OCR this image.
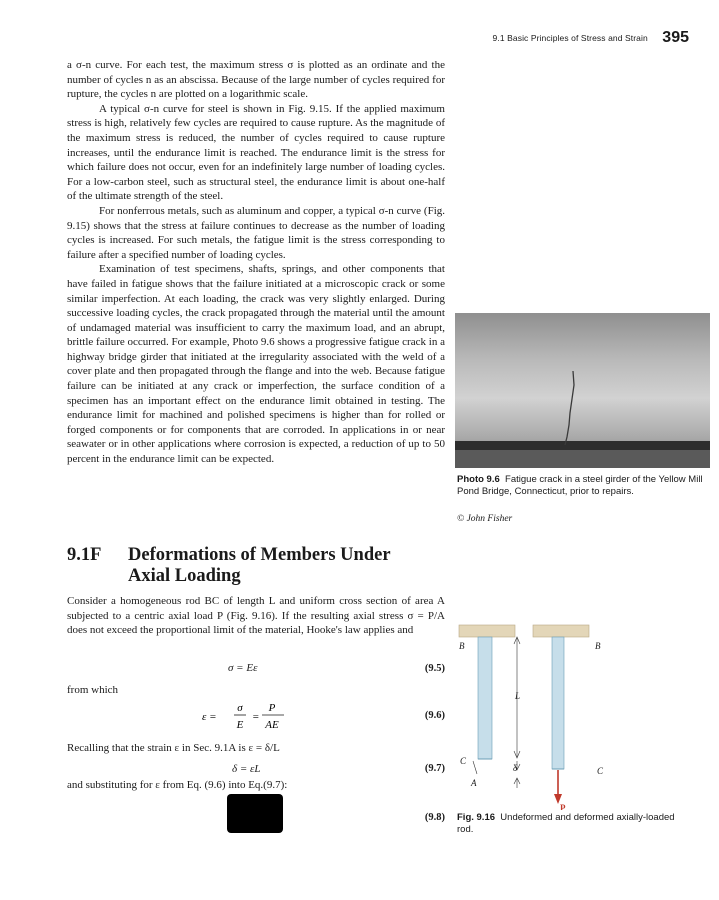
9.1 Basic Principles of Stress and Strain 395

a σ-n curve. For each test, the maximum stress σ is plotted as an ordinate and the number of cycles n as an abscissa. Because of the large number of cycles required for rupture, the cycles n are plotted on a logarithmic scale.

A typical σ-n curve for steel is shown in Fig. 9.15. If the applied maximum stress is high, relatively few cycles are required to cause rupture. As the magnitude of the maximum stress is reduced, the number of cycles required to cause rupture increases, until the endurance limit is reached. The endurance limit is the stress for which failure does not occur, even for an indefinitely large number of loading cycles. For a low-carbon steel, such as structural steel, the endurance limit is about one-half of the ultimate strength of the steel.

For nonferrous metals, such as aluminum and copper, a typical σ-n curve (Fig. 9.15) shows that the stress at failure continues to decrease as the number of loading cycles is increased. For such metals, the fatigue limit is the stress corresponding to failure after a specified number of loading cycles.

Examination of test specimens, shafts, springs, and other components that have failed in fatigue shows that the failure initiated at a microscopic crack or some similar imperfection. At each loading, the crack was very slightly enlarged. During successive loading cycles, the crack propagated through the material until the amount of undamaged material was insufficient to carry the maximum load, and an abrupt, brittle failure occurred. For example, Photo 9.6 shows a progressive fatigue crack in a highway bridge girder that initiated at the irregularity associated with the weld of a cover plate and then propagated through the flange and into the web. Because fatigue failure can be initiated at any crack or imperfection, the surface condition of a specimen has an important effect on the endurance limit obtained in testing. The endurance limit for machined and polished specimens is higher than for rolled or forged components or for components that are corroded. In applications in or near seawater or in other applications where corrosion is expected, a reduction of up to 50 percent in the endurance limit can be expected.

Photo 9.6 Fatigue crack in a steel girder of the Yellow Mill Pond Bridge, Connecticut, prior to repairs.
© John Fisher
9.1F Deformations of Members Under
Axial Loading
Consider a homogeneous rod BC of length L and uniform cross section of area A subjected to a centric axial load P (Fig. 9.16). If the resulting axial stress σ = P/A does not exceed the proportional limit of the material, Hooke's law applies and
σ = Eε	(9.5)
from which
ε =
σ
E
=
P
AE
(9.6)
Recalling that the strain ε in Sec. 9.1A is ε = δ/L
δ = εL	(9.7)
and substituting for ε from Eq. (9.6) into Eq.(9.7):
(9.8)
B	B
L
C
C
A
δ
P
Fig. 9.16 Undeformed and deformed axially-loaded rod.
